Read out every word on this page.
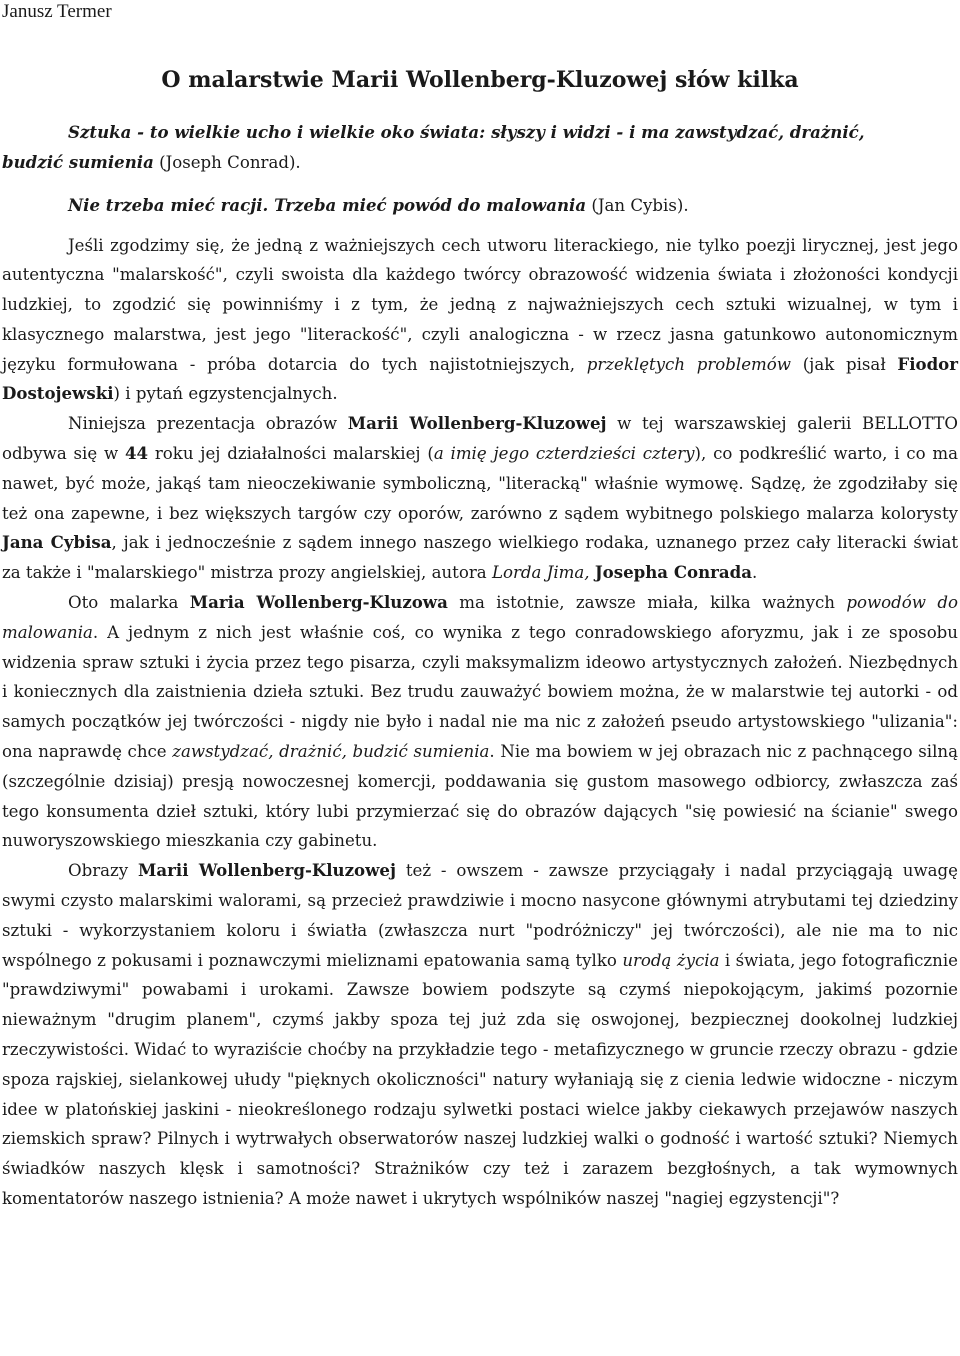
Janusz Termer
O malarstwie Marii Wollenberg-Kluzowej słów kilka
Sztuka - to wielkie ucho i wielkie oko świata: słyszy i widzi - i ma zawstydzać, drażnić,
budzić sumienia (Joseph Conrad).
Nie trzeba mieć racji. Trzeba mieć powód do malowania (Jan Cybis).

Jeśli zgodzimy się, że jedną z ważniejszych cech utworu literackiego, nie tylko poezji lirycznej, jest jego autentyczna "malarskość", czyli swoista dla każdego twórcy obrazowość widzenia świata i złożoności kondycji ludzkiej, to zgodzić się powinniśmy i z tym, że jedną z najważniejszych cech sztuki wizualnej, w tym i klasycznego malarstwa, jest jego "literackość", czyli analogiczna - w rzecz jasna gatunkowo autonomicznym języku formułowana - próba dotarcia do tych najistotniejszych, przeklętych problemów (jak pisał Fiodor Dostojewski) i pytań egzystencjalnych.

Niniejsza prezentacja obrazów Marii Wollenberg-Kluzowej w tej warszawskiej galerii BELLOTTO odbywa się w 44 roku jej działalności malarskiej (a imię jego czterdzieści cztery), co podkreślić warto, i co ma nawet, być może, jakąś tam nieoczekiwanie symboliczną, "literacką" właśnie wymowę. Sądzę, że zgodziłaby się też ona zapewne, i bez większych targów czy oporów, zarówno z sądem wybitnego polskiego malarza kolorysty Jana Cybisa, jak i jednocześnie z sądem innego naszego wielkiego rodaka, uznanego przez cały literacki świat za także i "malarskiego" mistrza prozy angielskiej, autora Lorda Jima, Josepha Conrada.

Oto malarka Maria Wollenberg-Kluzowa ma istotnie, zawsze miała, kilka ważnych powodów do malowania. A jednym z nich jest właśnie coś, co wynika z tego conradowskiego aforyzmu, jak i ze sposobu widzenia spraw sztuki i życia przez tego pisarza, czyli maksymalizm ideowo artystycznych założeń. Niezbędnych i koniecznych dla zaistnienia dzieła sztuki. Bez trudu zauważyć bowiem można, że w malarstwie tej autorki - od samych początków jej twórczości - nigdy nie było i nadal nie ma nic z założeń pseudo artystowskiego "ulizania": ona naprawdę chce zawstydzać, drażnić, budzić sumienia. Nie ma bowiem w jej obrazach nic z pachnącego silną (szczególnie dzisiaj) presją nowoczesnej komercji, poddawania się gustom masowego odbiorcy, zwłaszcza zaś tego konsumenta dzieł sztuki, który lubi przymierzać się do obrazów dających "się powiesić na ścianie" swego nuworyszowskiego mieszkania czy gabinetu.

Obrazy Marii Wollenberg-Kluzowej też - owszem - zawsze przyciągały i nadal przyciągają uwagę swymi czysto malarskimi walorami, są przecież prawdziwie i mocno nasycone głównymi atrybutami tej dziedziny sztuki - wykorzystaniem koloru i światła (zwłaszcza nurt "podróżniczy" jej twórczości), ale nie ma to nic wspólnego z pokusami i poznawczymi mieliznami epatowania samą tylko urodą życia i świata, jego fotograficznie "prawdziwymi" powabami i urokami. Zawsze bowiem podszyte są czymś niepokojącym, jakimś pozornie nieważnym "drugim planem", czymś jakby spoza tej już zda się oswojonej, bezpiecznej dookolnej ludzkiej rzeczywistości. Widać to wyraziście choćby na przykładzie tego - metafizycznego w gruncie rzeczy obrazu - gdzie spoza rajskiej, sielankowej ułudy "pięknych okoliczności" natury wyłaniają się z cienia ledwie widoczne - niczym idee w platońskiej jaskini - nieokreślonego rodzaju sylwetki postaci wielce jakby ciekawych przejawów naszych ziemskich spraw? Pilnych i wytrwałych obserwatorów naszej ludzkiej walki o godność i wartość sztuki? Niemych świadków naszych klęsk i samotności? Strażników czy też i zarazem bezgłośnych, a tak wymownych komentatorów naszego istnienia? A może nawet i ukrytych wspólników naszej "nagiej egzystencji"?
